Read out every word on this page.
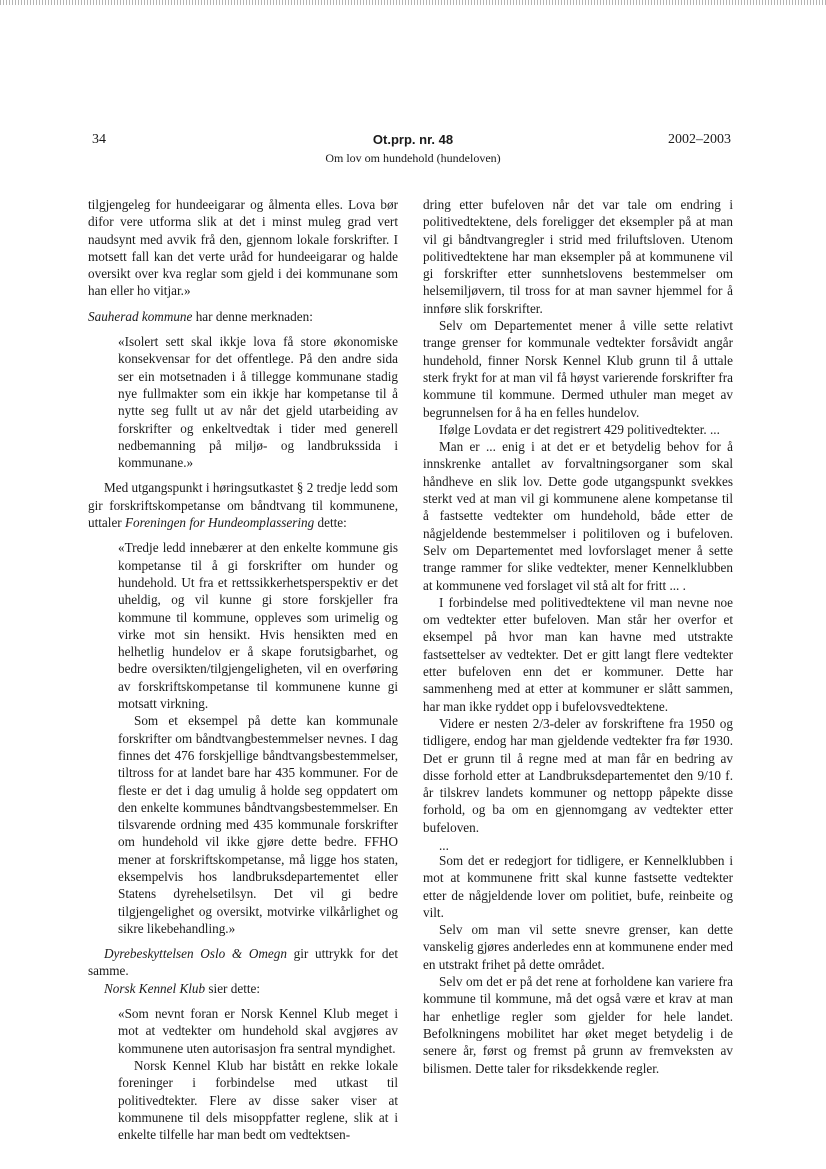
34	Ot.prp. nr. 48
Om lov om hundehold (hundeloven)
2002–2003

tilgjengeleg for hundeeigarar og ålmenta elles. Lova bør difor vere utforma slik at det i minst muleg grad vert naudsynt med avvik frå den, gjennom lokale forskrifter. I motsett fall kan det verte uråd for hundeeigarar og halde oversikt over kva reglar som gjeld i dei kommunane som han eller ho vitjar.»

Sauherad kommune har denne merknaden:

«Isolert sett skal ikkje lova få store økonomiske konsekvensar for det offentlege. På den andre sida ser ein motsetnaden i å tillegge kommunane stadig nye fullmakter som ein ikkje har kompetanse til å nytte seg fullt ut av når det gjeld utarbeiding av forskrifter og enkeltvedtak i tider med generell nedbemanning på miljø- og landbrukssida i kommunane.»

Med utgangspunkt i høringsutkastet § 2 tredje ledd som gir forskriftskompetanse om båndtvang til kommunene, uttaler Foreningen for Hundeomplassering dette:

«Tredje ledd innebærer at den enkelte kommune gis kompetanse til å gi forskrifter om hunder og hundehold. Ut fra et rettssikkerhetsperspektiv er det uheldig, og vil kunne gi store forskjeller fra kommune til kommune, oppleves som urimelig og virke mot sin hensikt. Hvis hensikten med en helhetlig hundelov er å skape forutsigbarhet, og bedre oversikten/tilgjengeligheten, vil en overføring av forskriftskompetanse til kommunene kunne gi motsatt virkning.

Som et eksempel på dette kan kommunale forskrifter om båndtvangbestemmelser nevnes. I dag finnes det 476 forskjellige båndtvangsbestemmelser, tiltross for at landet bare har 435 kommuner. For de fleste er det i dag umulig å holde seg oppdatert om den enkelte kommunes båndtvangsbestemmelser. En tilsvarende ordning med 435 kommunale forskrifter om hundehold vil ikke gjøre dette bedre. FFHO mener at forskriftskompetanse, må ligge hos staten, eksempelvis hos landbruksdepartementet eller Statens dyrehelsetilsyn. Det vil gi bedre tilgjengelighet og oversikt, motvirke vilkårlighet og sikre likebehandling.»

Dyrebeskyttelsen Oslo & Omegn gir uttrykk for det samme.

Norsk Kennel Klub sier dette:

«Som nevnt foran er Norsk Kennel Klub meget i mot at vedtekter om hundehold skal avgjøres av kommunene uten autorisasjon fra sentral myndighet.

Norsk Kennel Klub har bistått en rekke lokale foreninger i forbindelse med utkast til politivedtekter. Flere av disse saker viser at kommunene til dels misoppfatter reglene, slik at i enkelte tilfelle har man bedt om vedtektsen-

dring etter bufeloven når det var tale om endring i politivedtektene, dels foreligger det eksempler på at man vil gi båndtvangregler i strid med friluftsloven. Utenom politivedtektene har man eksempler på at kommunene vil gi forskrifter etter sunnhetslovens bestemmelser om helsemiljøvern, til tross for at man savner hjemmel for å innføre slik forskrifter.

Selv om Departementet mener å ville sette relativt trange grenser for kommunale vedtekter forsåvidt angår hundehold, finner Norsk Kennel Klub grunn til å uttale sterk frykt for at man vil få høyst varierende forskrifter fra kommune til kommune. Dermed uthuler man meget av begrunnelsen for å ha en felles hundelov.

Ifølge Lovdata er det registrert 429 politivedtekter. ...

Man er ... enig i at det er et betydelig behov for å innskrenke antallet av forvaltningsorganer som skal håndheve en slik lov. Dette gode utgangspunkt svekkes sterkt ved at man vil gi kommunene alene kompetanse til å fastsette vedtekter om hundehold, både etter de någjeldende bestemmelser i politiloven og i bufeloven. Selv om Departementet med lovforslaget mener å sette trange rammer for slike vedtekter, mener Kennelklubben at kommunene ved forslaget vil stå alt for fritt ... .

I forbindelse med politivedtektene vil man nevne noe om vedtekter etter bufeloven. Man står her overfor et eksempel på hvor man kan havne med utstrakte fastsettelser av vedtekter. Det er gitt langt flere vedtekter etter bufeloven enn det er kommuner. Dette har sammenheng med at etter at kommuner er slått sammen, har man ikke ryddet opp i bufelovsvedtektene.

Videre er nesten 2/3-deler av forskriftene fra 1950 og tidligere, endog har man gjeldende vedtekter fra før 1930. Det er grunn til å regne med at man får en bedring av disse forhold etter at Landbruksdepartementet den 9/10 f. år tilskrev landets kommuner og nettopp påpekte disse forhold, og ba om en gjennomgang av vedtekter etter bufeloven.

...

Som det er redegjort for tidligere, er Kennelklubben i mot at kommunene fritt skal kunne fastsette vedtekter etter de någjeldende lover om politiet, bufe, reinbeite og vilt.

Selv om man vil sette snevre grenser, kan dette vanskelig gjøres anderledes enn at kommunene ender med en utstrakt frihet på dette området.

Selv om det er på det rene at forholdene kan variere fra kommune til kommune, må det også være et krav at man har enhetlige regler som gjelder for hele landet. Befolkningens mobilitet har øket meget betydelig i de senere år, først og fremst på grunn av fremveksten av bilismen. Dette taler for riksdekkende regler.
